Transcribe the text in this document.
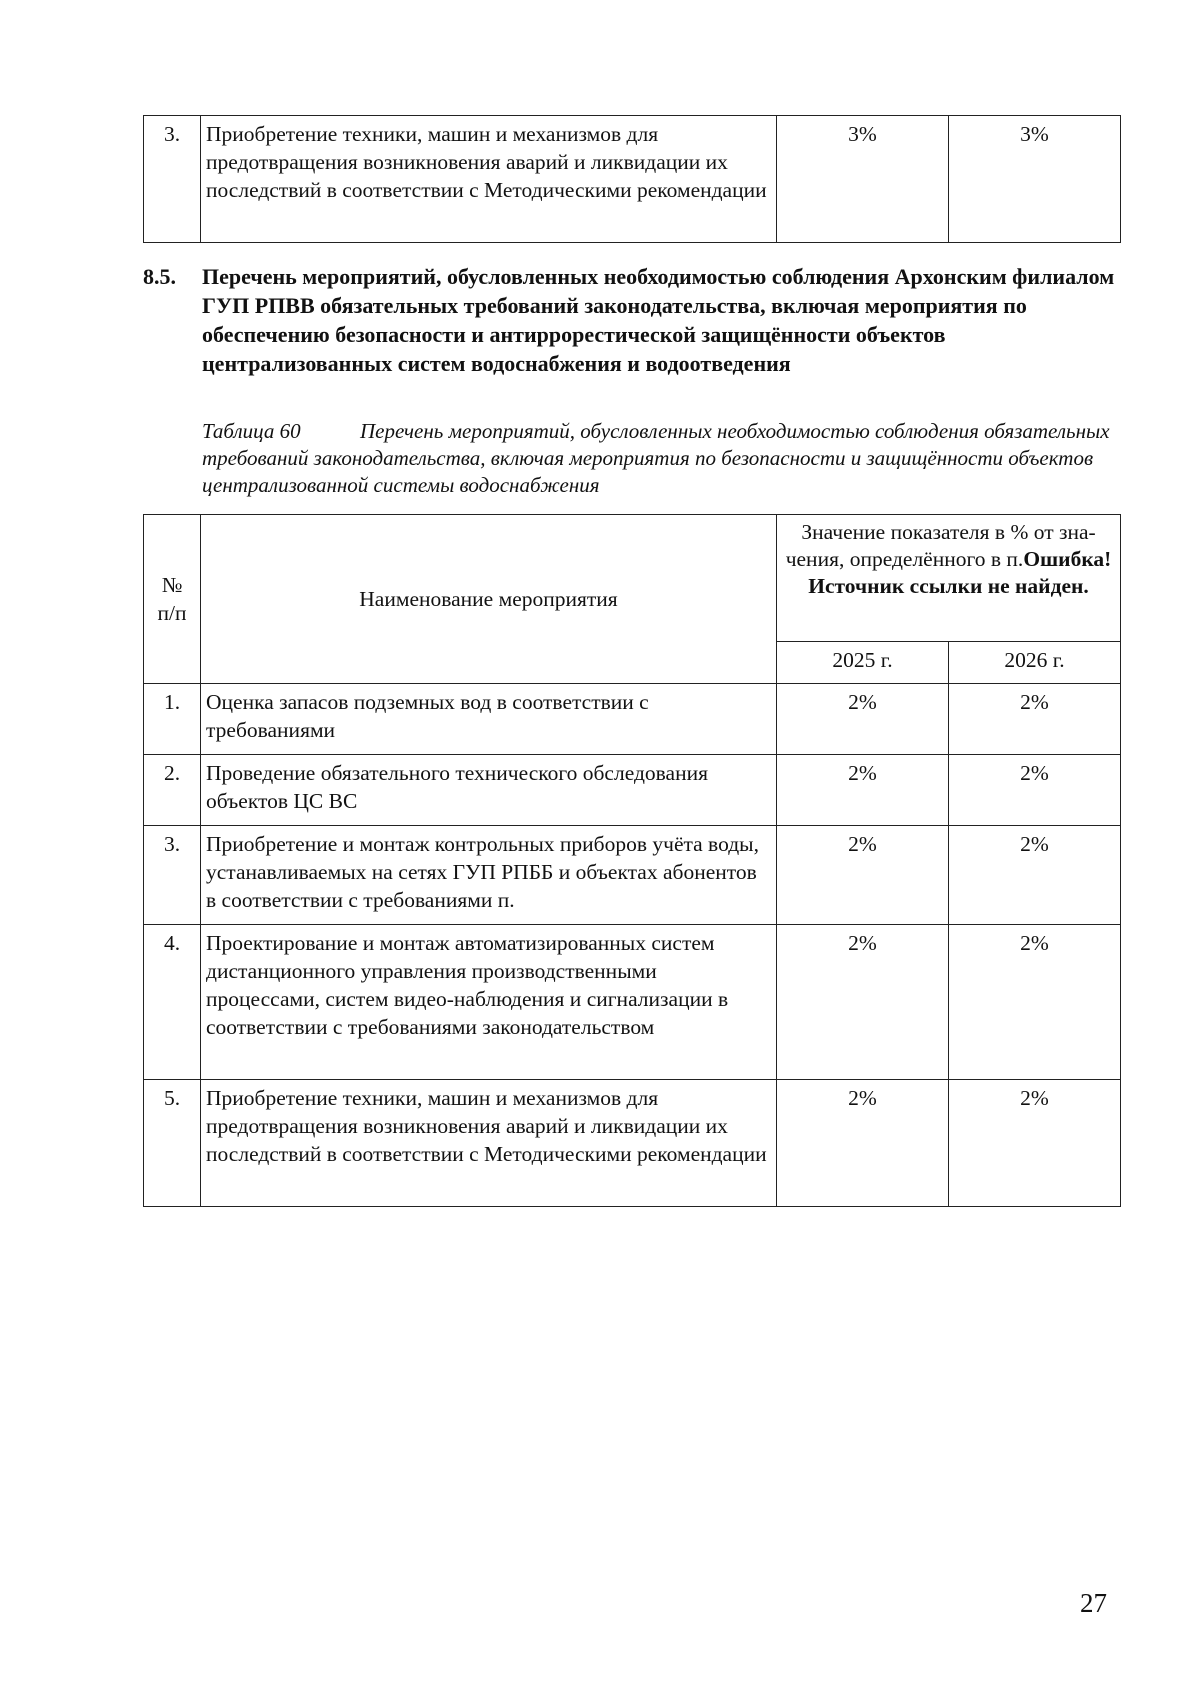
3.	Приобретение техники, машин и механизмов для предотвращения возникновения аварий и ликвидации их последствий в соответствии с Методическими рекомендации	3%	3%
8.5. Перечень мероприятий, обусловленных необходимостью соблюдения Архонским филиалом ГУП РПВВ обязательных требований законодательства, включая мероприятия по обеспечению безопасности и антиррорестической защищённости объектов централизованных систем водоснабжения и водоотведения
Таблица 60	Перечень мероприятий, обусловленных необходимостью соблюдения обязательных требований законодательства, включая мероприятия по безопасности и защищённости объектов централизованной системы водоснабжения
№
п/п	Наименование мероприятия	Значение показателя в % от зна-чения, определённого в п.Ошибка! Источник ссылки не найден.	
		2025 г.	2026 г.
1.	Оценка запасов подземных вод в соответствии с требованиями	2%	2%
2.	Проведение обязательного технического обследования объектов ЦС ВС	2%	2%
3.	Приобретение и монтаж контрольных приборов учёта воды, устанавливаемых на сетях ГУП РПББ и объектах абонентов в соответствии с требованиями п.	2%	2%
4.	Проектирование и монтаж автоматизированных систем дистанционного управления производственными процессами, систем видео-наблюдения и сигнализации в соответствии с требованиями законодательством	2%	2%
5.	Приобретение техники, машин и механизмов для предотвращения возникновения аварий и ликвидации их последствий в соответствии с Методическими рекомендации	2%	2%
27
